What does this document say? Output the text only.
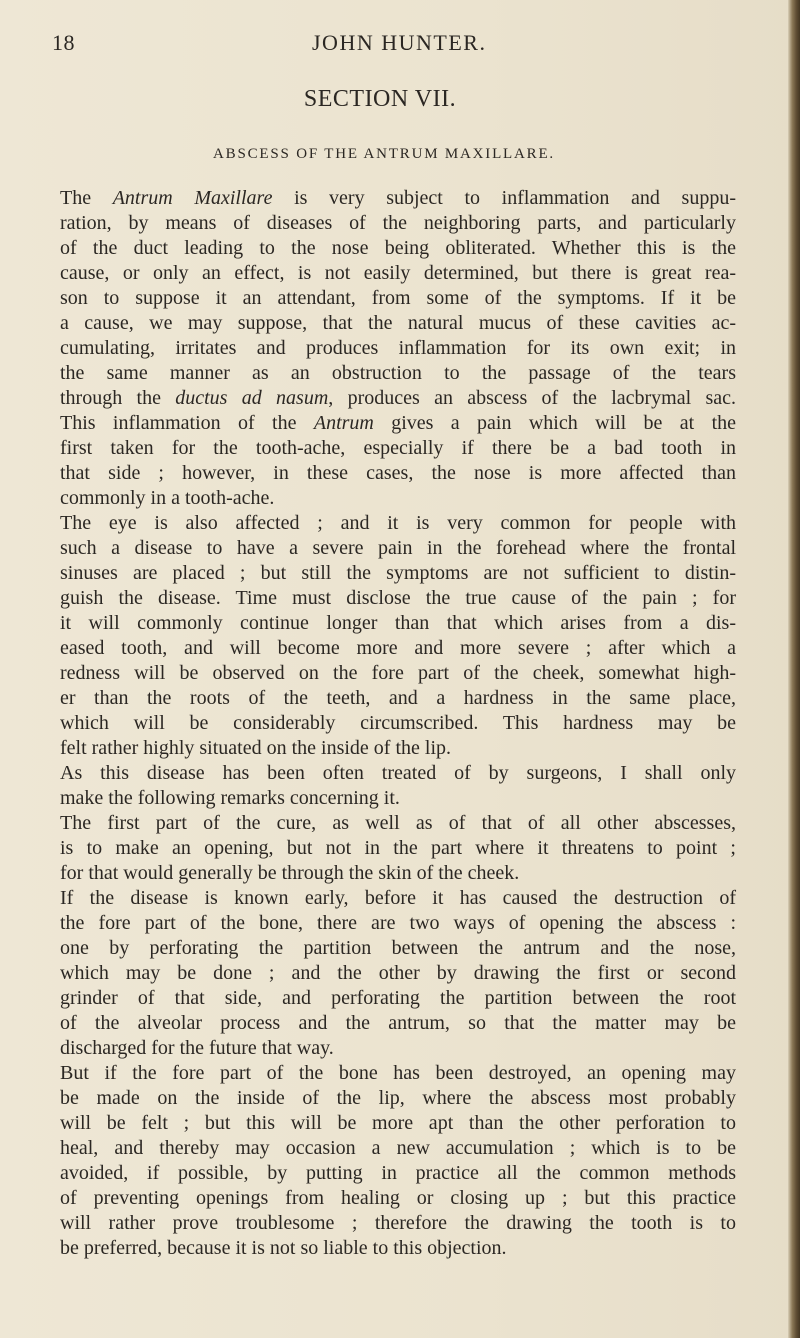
18	JOHN HUNTER.
SECTION VII.
ABSCESS OF THE ANTRUM MAXILLARE.
The Antrum Maxillare is very subject to inflammation and suppu-
ration, by means of diseases of the neighboring parts, and particularly
of the duct leading to the nose being obliterated. Whether this is the
cause, or only an effect, is not easily determined, but there is great rea-
son to suppose it an attendant, from some of the symptoms. If it be
a cause, we may suppose, that the natural mucus of these cavities ac-
cumulating, irritates and produces inflammation for its own exit; in
the same manner as an obstruction to the passage of the tears
through the ductus ad nasum, produces an abscess of the lacbrymal sac.
This inflammation of the Antrum gives a pain which will be at the
first taken for the tooth-ache, especially if there be a bad tooth in
that side ; however, in these cases, the nose is more affected than
commonly in a tooth-ache.
The eye is also affected ; and it is very common for people with
such a disease to have a severe pain in the forehead where the frontal
sinuses are placed ; but still the symptoms are not sufficient to distin-
guish the disease. Time must disclose the true cause of the pain ; for
it will commonly continue longer than that which arises from a dis-
eased tooth, and will become more and more severe ; after which a
redness will be observed on the fore part of the cheek, somewhat high-
er than the roots of the teeth, and a hardness in the same place,
which will be considerably circumscribed. This hardness may be
felt rather highly situated on the inside of the lip.
As this disease has been often treated of by surgeons, I shall only
make the following remarks concerning it.
The first part of the cure, as well as of that of all other abscesses,
is to make an opening, but not in the part where it threatens to point ;
for that would generally be through the skin of the cheek.
If the disease is known early, before it has caused the destruction of
the fore part of the bone, there are two ways of opening the abscess :
one by perforating the partition between the antrum and the nose,
which may be done ; and the other by drawing the first or second
grinder of that side, and perforating the partition between the root
of the alveolar process and the antrum, so that the matter may be
discharged for the future that way.
But if the fore part of the bone has been destroyed, an opening may
be made on the inside of the lip, where the abscess most probably
will be felt ; but this will be more apt than the other perforation to
heal, and thereby may occasion a new accumulation ; which is to be
avoided, if possible, by putting in practice all the common methods
of preventing openings from healing or closing up ; but this practice
will rather prove troublesome ; therefore the drawing the tooth is to
be preferred, because it is not so liable to this objection.
